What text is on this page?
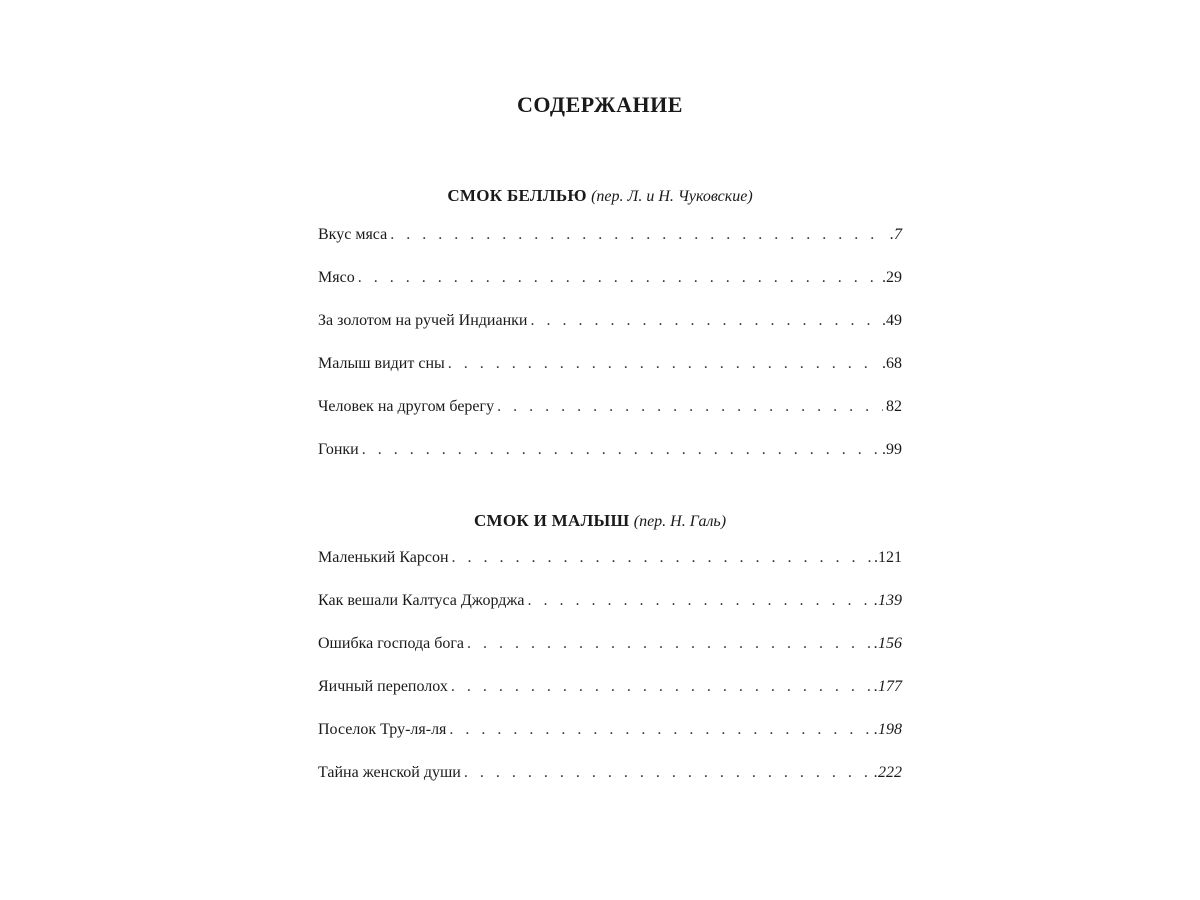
СОДЕРЖАНИЕ
СМОК БЕЛЛЬЮ (пер. Л. и Н. Чуковские)
Вкус мяса . . .	.7
Мясо . . .	.29
За золотом на ручей Индианки . . .	.49
Малыш видит сны . . .	.68
Человек на другом берегу . . .	82
Гонки . . .	.99
СМОК И МАЛЫШ (пер. Н. Галь)
Маленький Карсон . . .	.121
Как вешали Калтуса Джорджа . . .	.139
Ошибка господа бога . . .	.156
Яичный переполох . . .	.177
Поселок Тру-ля-ля . . .	.198
Тайна женской души . . .	.222
